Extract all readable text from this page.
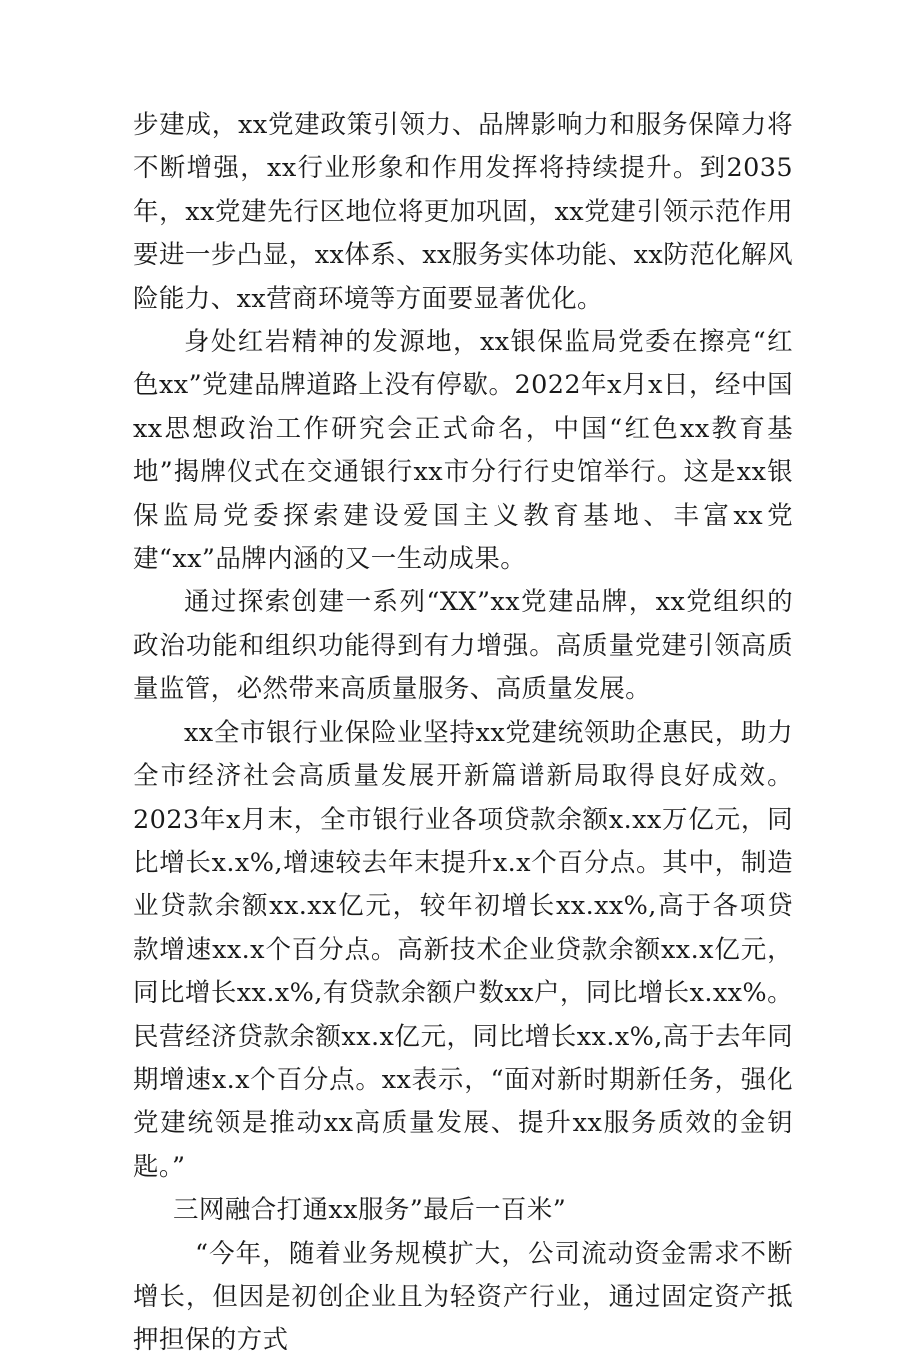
步建成，xx党建政策引领力、品牌影响力和服务保障力将不断增强，xx行业形象和作用发挥将持续提升。到2035年，xx党建先行区地位将更加巩固，xx党建引领示范作用要进一步凸显，xx体系、xx服务实体功能、xx防范化解风险能力、xx营商环境等方面要显著优化。

身处红岩精神的发源地，xx银保监局党委在擦亮“红色xx”党建品牌道路上没有停歇。2022年x月x日，经中国xx思想政治工作研究会正式命名，中国“红色xx教育基地”揭牌仪式在交通银行xx市分行行史馆举行。这是xx银保监局党委探索建设爱国主义教育基地、丰富xx党建“xx”品牌内涵的又一生动成果。

通过探索创建一系列“XX”xx党建品牌，xx党组织的政治功能和组织功能得到有力增强。高质量党建引领高质量监管，必然带来高质量服务、高质量发展。

xx全市银行业保险业坚持xx党建统领助企惠民，助力全市经济社会高质量发展开新篇谱新局取得良好成效。2023年x月末，全市银行业各项贷款余额x.xx万亿元，同比增长x.x%,增速较去年末提升x.x个百分点。其中，制造业贷款余额xx.xx亿元，较年初增长xx.xx%,高于各项贷款增速xx.x个百分点。高新技术企业贷款余额xx.x亿元，同比增长xx.x%,有贷款余额户数xx户，同比增长x.xx%。民营经济贷款余额xx.x亿元，同比增长xx.x%,高于去年同期增速x.x个百分点。xx表示，“面对新时期新任务，强化党建统领是推动xx高质量发展、提升xx服务质效的金钥匙。”

三网融合打通xx服务”最后一百米”

“今年，随着业务规模扩大，公司流动资金需求不断增长，但因是初创企业且为轻资产行业，通过固定资产抵押担保的方式
